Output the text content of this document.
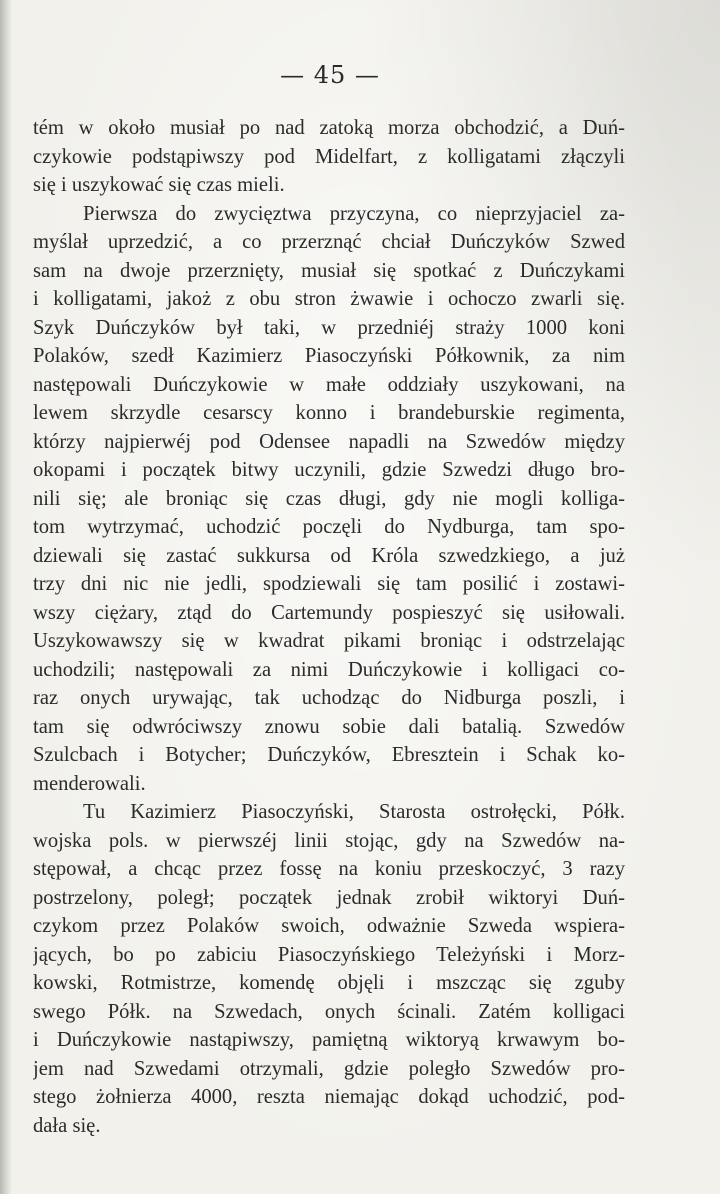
— 45 —
tém w około musiał po nad zatoką morza obchodzić, a Duń-
czykowie podstąpiwszy pod Midelfart, z kolligatami złączyli
się i uszykować się czas mieli.
Pierwsza do zwycięztwa przyczyna, co nieprzyjaciel za-
myślał uprzedzić, a co przerznąć chciał Duńczyków Szwed
sam na dwoje przerznięty, musiał się spotkać z Duńczykami
i kolligatami, jakoż z obu stron żwawie i ochoczo zwarli się.
Szyk Duńczyków był taki, w przedniéj straży 1000 koni
Polaków, szedł Kazimierz Piasoczyński Półkownik, za nim
następowali Duńczykowie w małe oddziały uszykowani, na
lewem skrzydle cesarscy konno i brandeburskie regimenta,
którzy najpierwéj pod Odensee napadli na Szwedów między
okopami i początek bitwy uczynili, gdzie Szwedzi długo bro-
nili się; ale broniąc się czas długi, gdy nie mogli kolliga-
tom wytrzymać, uchodzić poczęli do Nydburga, tam spo-
dziewali się zastać sukkursa od Króla szwedzkiego, a już
trzy dni nic nie jedli, spodziewali się tam posilić i zostawi-
wszy ciężary, ztąd do Cartemundy pospieszyć się usiłowali.
Uszykowawszy się w kwadrat pikami broniąc i odstrzelając
uchodzili; następowali za nimi Duńczykowie i kolligaci co-
raz onych urywając, tak uchodząc do Nidburga poszli, i
tam się odwróciwszy znowu sobie dali batalią. Szwedów
Szulcbach i Botycher; Duńczyków, Ebresztein i Schak ko-
menderowali.
Tu Kazimierz Piasoczyński, Starosta ostrołęcki, Półk.
wojska pols. w pierwszéj linii stojąc, gdy na Szwedów na-
stępował, a chcąc przez fossę na koniu przeskoczyć, 3 razy
postrzelony, poległ; początek jednak zrobił wiktoryi Duń-
czykom przez Polaków swoich, odważnie Szweda wspiera-
jących, bo po zabiciu Piasoczyńskiego Teleżyński i Morz-
kowski, Rotmistrze, komendę objęli i mszcząc się zguby
swego Półk. na Szwedach, onych ścinali. Zatém kolligaci
i Duńczykowie nastąpiwszy, pamiętną wiktoryą krwawym bo-
jem nad Szwedami otrzymali, gdzie poległo Szwedów pro-
stego żołnierza 4000, reszta niemając dokąd uchodzić, pod-
dała się.
